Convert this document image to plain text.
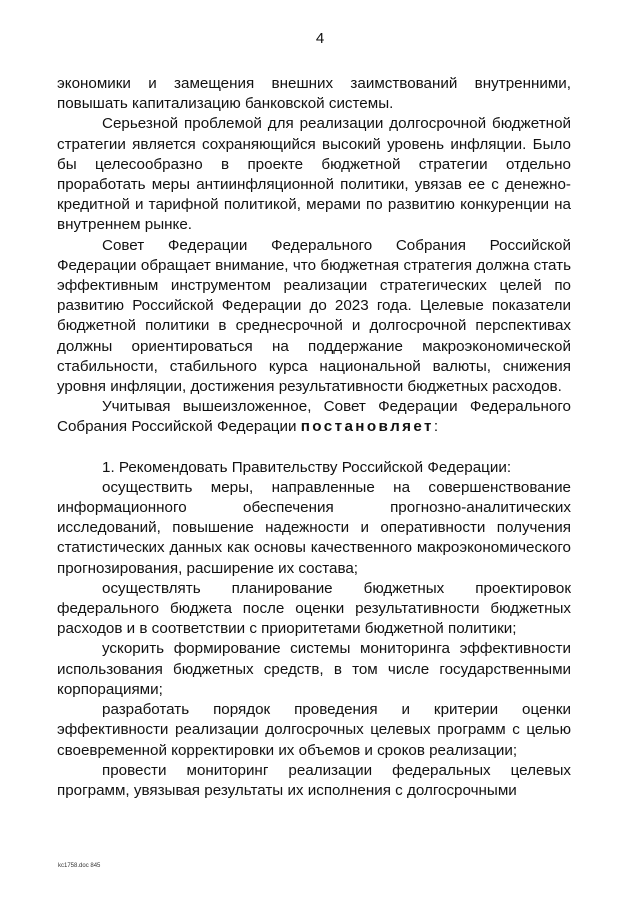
4

экономики и замещения внешних заимствований внутренними, повышать капитализацию банковской системы.

Серьезной проблемой для реализации долгосрочной бюджетной стратегии является сохраняющийся высокий уровень инфляции. Было бы целесообразно в проекте бюджетной стратегии отдельно проработать меры антиинфляционной политики, увязав ее с денежно-кредитной и тарифной политикой, мерами по развитию конкуренции на внутреннем рынке.

Совет Федерации Федерального Собрания Российской Федерации обращает внимание, что бюджетная стратегия должна стать эффективным инструментом реализации стратегических целей по развитию Российской Федерации до 2023 года. Целевые показатели бюджетной политики в среднесрочной и долгосрочной перспективах должны ориентироваться на поддержание макроэкономической стабильности, стабильного курса национальной валюты, снижения уровня инфляции, достижения результативности бюджетных расходов.

Учитывая вышеизложенное, Совет Федерации Федерального Собрания Российской Федерации постановляет:

1. Рекомендовать Правительству Российской Федерации:

осуществить меры, направленные на совершенствование информационного обеспечения прогнозно-аналитических исследований, повышение надежности и оперативности получения статистических данных как основы качественного макроэкономического прогнозирования, расширение их состава;

осуществлять планирование бюджетных проектировок федерального бюджета после оценки результативности бюджетных расходов и в соответствии с приоритетами бюджетной политики;

ускорить формирование системы мониторинга эффективности использования бюджетных средств, в том числе государственными корпорациями;

разработать порядок проведения и критерии оценки эффективности реализации долгосрочных целевых программ с целью своевременной корректировки их объемов и сроков реализации;

провести мониторинг реализации федеральных целевых программ, увязывая результаты их исполнения с долгосрочными

kc1758.doc 845
